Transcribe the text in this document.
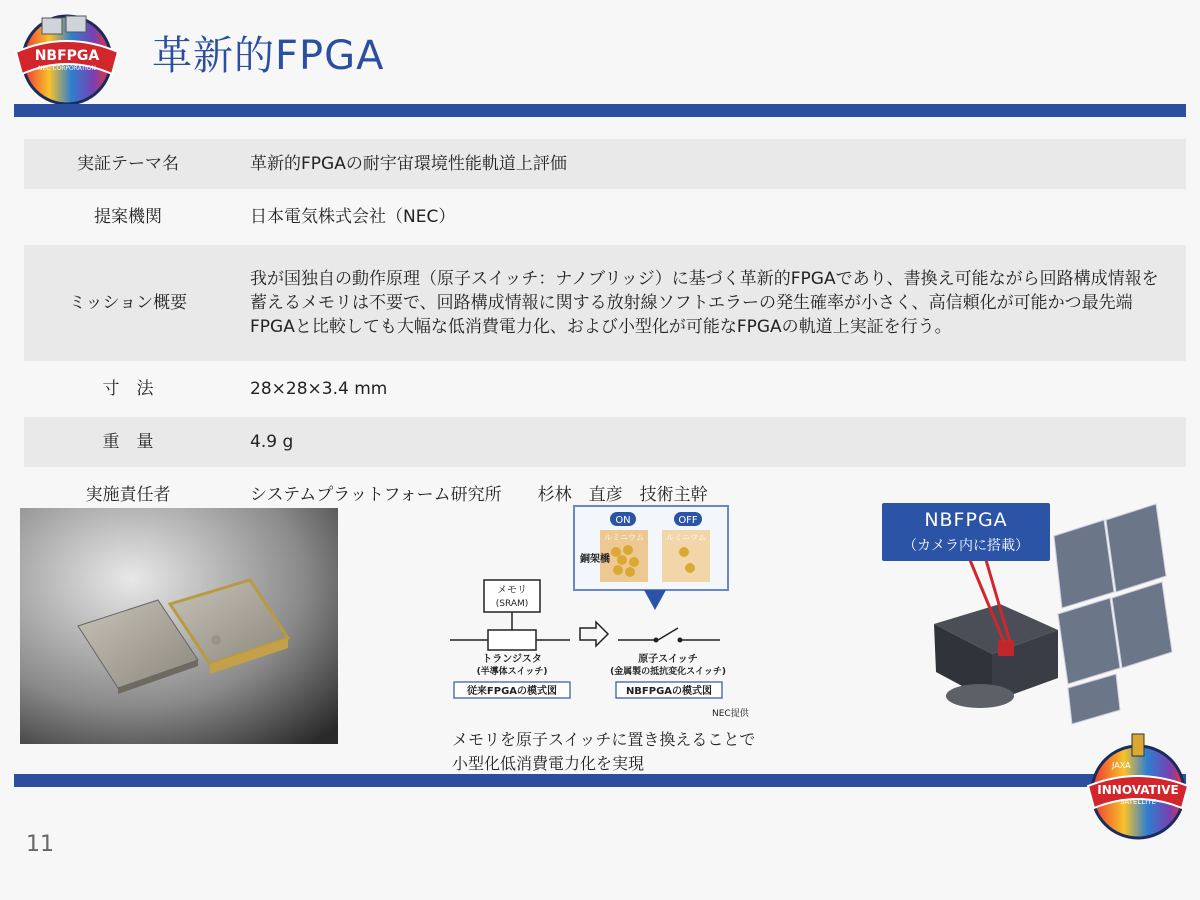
NBFPGA
NEC CORPORATION 革新的FPGA
実証テーマ名	革新的FPGAの耐宇宙環境性能軌道上評価
提案機関	日本電気株式会社（NEC）
ミッション概要	我が国独自の動作原理（原子スイッチ：ナノブリッジ）に基づく革新的FPGAであり、書換え可能ながら回路構成情報を蓄えるメモリは不要で、回路構成情報に関する放射線ソフトエラーの発生確率が小さく、高信頼化が可能かつ最先端FPGAと比較しても大幅な低消費電力化、および小型化が可能なFPGAの軌道上実証を行う。
寸　法	28×28×3.4 mm
重　量	4.9 g
実施責任者	システムプラットフォーム研究所 杉林　直彦　技術主幹
ON	OFF
ルミニウム	ルミニウム
銅架橋
メモリ
(SRAM)
トランジスタ
(半導体スイッチ)
原子スイッチ
(金属製の抵抗変化スイッチ)
従来FPGAの模式図	NBFPGAの模式図
NEC提供
メモリを原子スイッチに置き換えることで
小型化低消費電力化を実現
NBFPGA
（カメラ内に搭載）
JAXA
INNOVATIVE
SATELLITE
11
